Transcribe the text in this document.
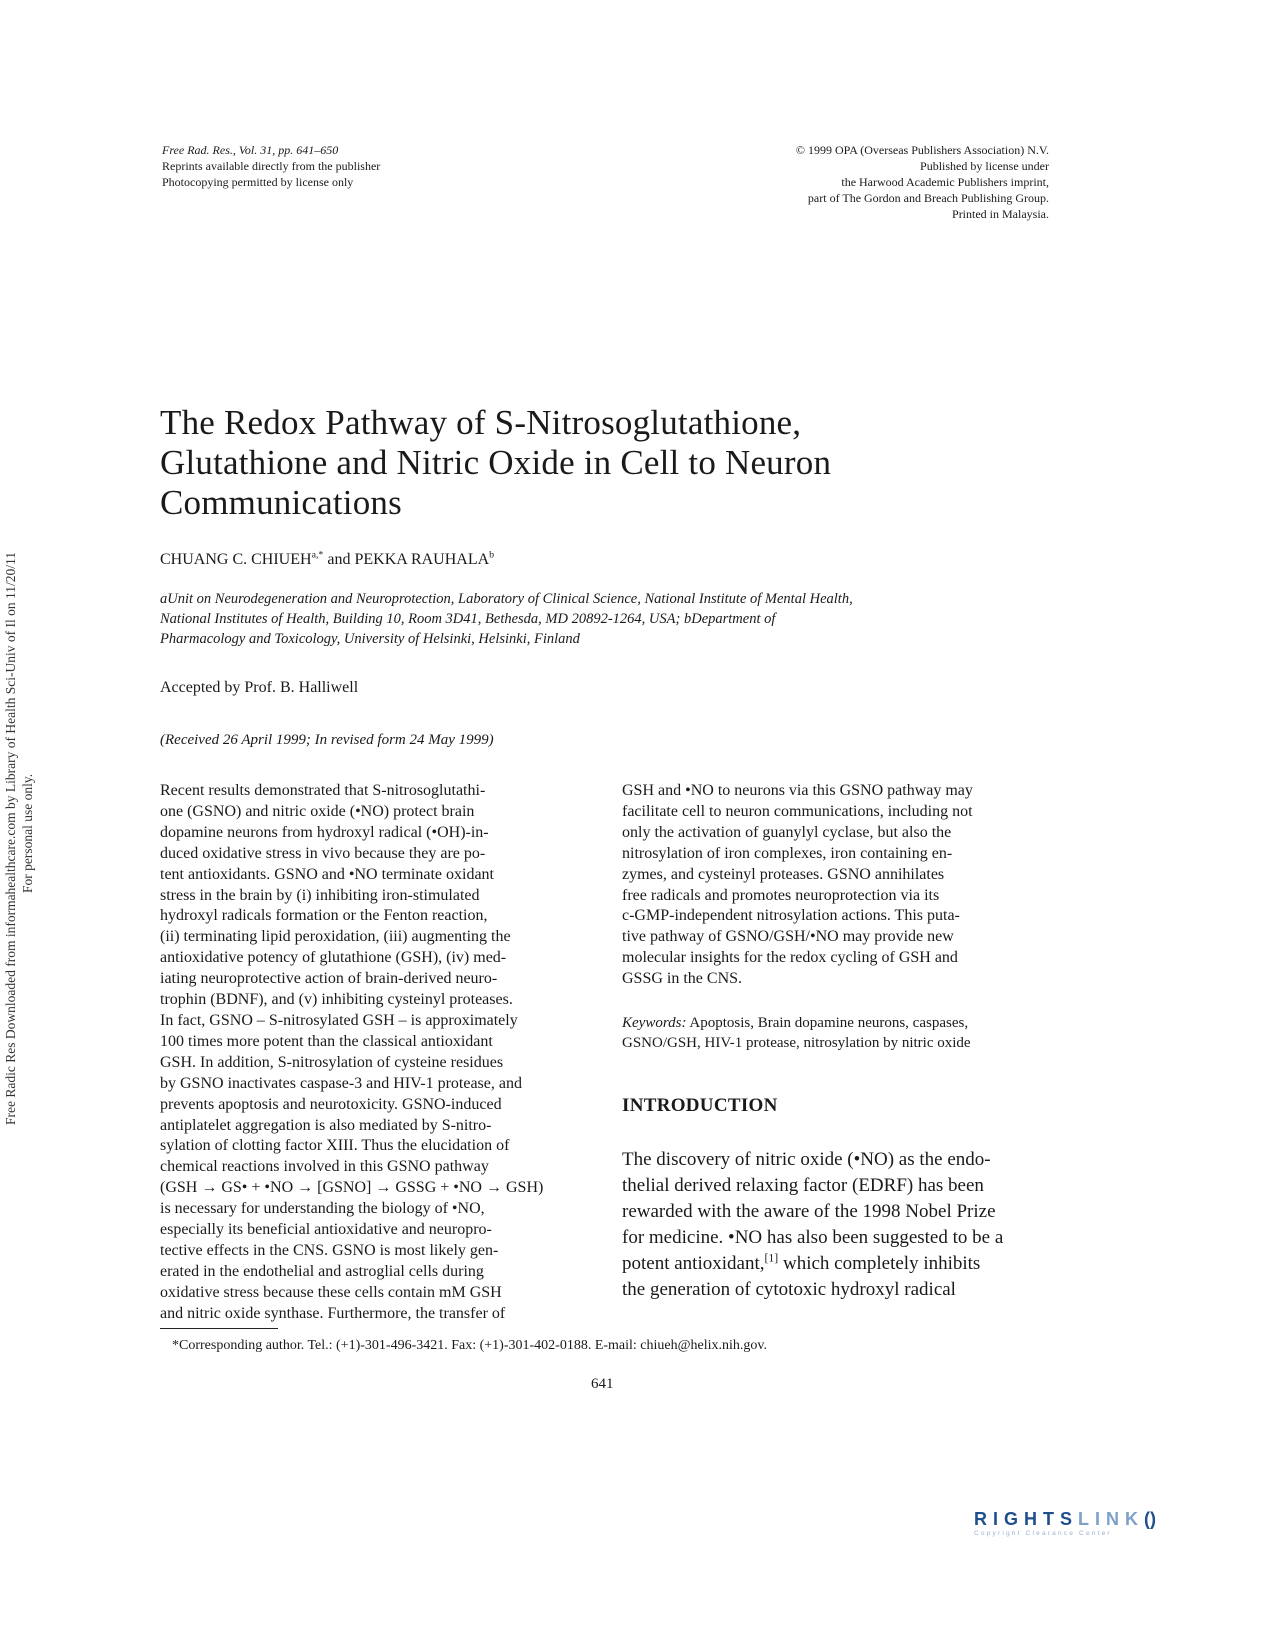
Free Radic Res Downloaded from informahealthcare.com by Library of Health Sci-Univ of Il on 11/20/11 For personal use only.
Free Rad. Res., Vol. 31, pp. 641–650
Reprints available directly from the publisher
Photocopying permitted by license only
© 1999 OPA (Overseas Publishers Association) N.V.
Published by license under
the Harwood Academic Publishers imprint,
part of The Gordon and Breach Publishing Group.
Printed in Malaysia.
The Redox Pathway of S-Nitrosoglutathione,
Glutathione and Nitric Oxide in Cell to Neuron
Communications
CHUANG C. $CHIUEH^{a,*}$ and PEKKA RAUHALA$^b$
aUnit on Neurodegeneration and Neuroprotection, Laboratory of Clinical Science, National Institute of Mental Health,
National Institutes of Health, Building 10, Room 3D41, Bethesda, MD 20892-1264, USA; bDepartment of
Pharmacology and Toxicology, University of Helsinki, Helsinki, Finland
Accepted by Prof. B. Halliwell
(Received 26 April 1999; In revised form 24 May 1999)
Recent results demonstrated that S-nitrosoglutathi-
one (GSNO) and nitric oxide (•NO) protect brain
dopamine neurons from hydroxyl radical (•OH)-in-
duced oxidative stress in vivo because they are po-
tent antioxidants. GSNO and •NO terminate oxidant
stress in the brain by (i) inhibiting iron-stimulated
hydroxyl radicals formation or the Fenton reaction,
(ii) terminating lipid peroxidation, (iii) augmenting the
antioxidative potency of glutathione (GSH), (iv) med-
iating neuroprotective action of brain-derived neuro-
trophin (BDNF), and (v) inhibiting cysteinyl proteases.
In fact, GSNO – S-nitrosylated GSH – is approximately
100 times more potent than the classical antioxidant
GSH. In addition, S-nitrosylation of cysteine residues
by GSNO inactivates caspase-3 and HIV-1 protease, and
prevents apoptosis and neurotoxicity. GSNO-induced
antiplatelet aggregation is also mediated by S-nitro-
sylation of clotting factor XIII. Thus the elucidation of
chemical reactions involved in this GSNO pathway
(GSH → GS• + •NO → [GSNO] → GSSG + •NO → GSH)
is necessary for understanding the biology of •NO,
especially its beneficial antioxidative and neuropro-
tective effects in the CNS. GSNO is most likely gen-
erated in the endothelial and astroglial cells during
oxidative stress because these cells contain mM GSH
and nitric oxide synthase. Furthermore, the transfer of
GSH and •NO to neurons via this GSNO pathway may
facilitate cell to neuron communications, including not
only the activation of guanylyl cyclase, but also the
nitrosylation of iron complexes, iron containing en-
zymes, and cysteinyl proteases. GSNO annihilates
free radicals and promotes neuroprotection via its
c-GMP-independent nitrosylation actions. This puta-
tive pathway of GSNO/GSH/•NO may provide new
molecular insights for the redox cycling of GSH and
GSSG in the CNS.
Keywords: Apoptosis, Brain dopamine neurons, caspases,
GSNO/GSH, HIV-1 protease, nitrosylation by nitric oxide
INTRODUCTION
The discovery of nitric oxide (•NO) as the endo-
thelial derived relaxing factor (EDRF) has been
rewarded with the aware of the 1998 Nobel Prize
for medicine. •NO has also been suggested to be a
potent antioxidant,[1] which completely inhibits
the generation of cytotoxic hydroxyl radical
*Corresponding author. Tel.: (+1)-301-496-3421. Fax: (+1)-301-402-0188. E-mail: chiueh@helix.nih.gov.
641
RIGHTSLINK()
Copyright Clearance Center
